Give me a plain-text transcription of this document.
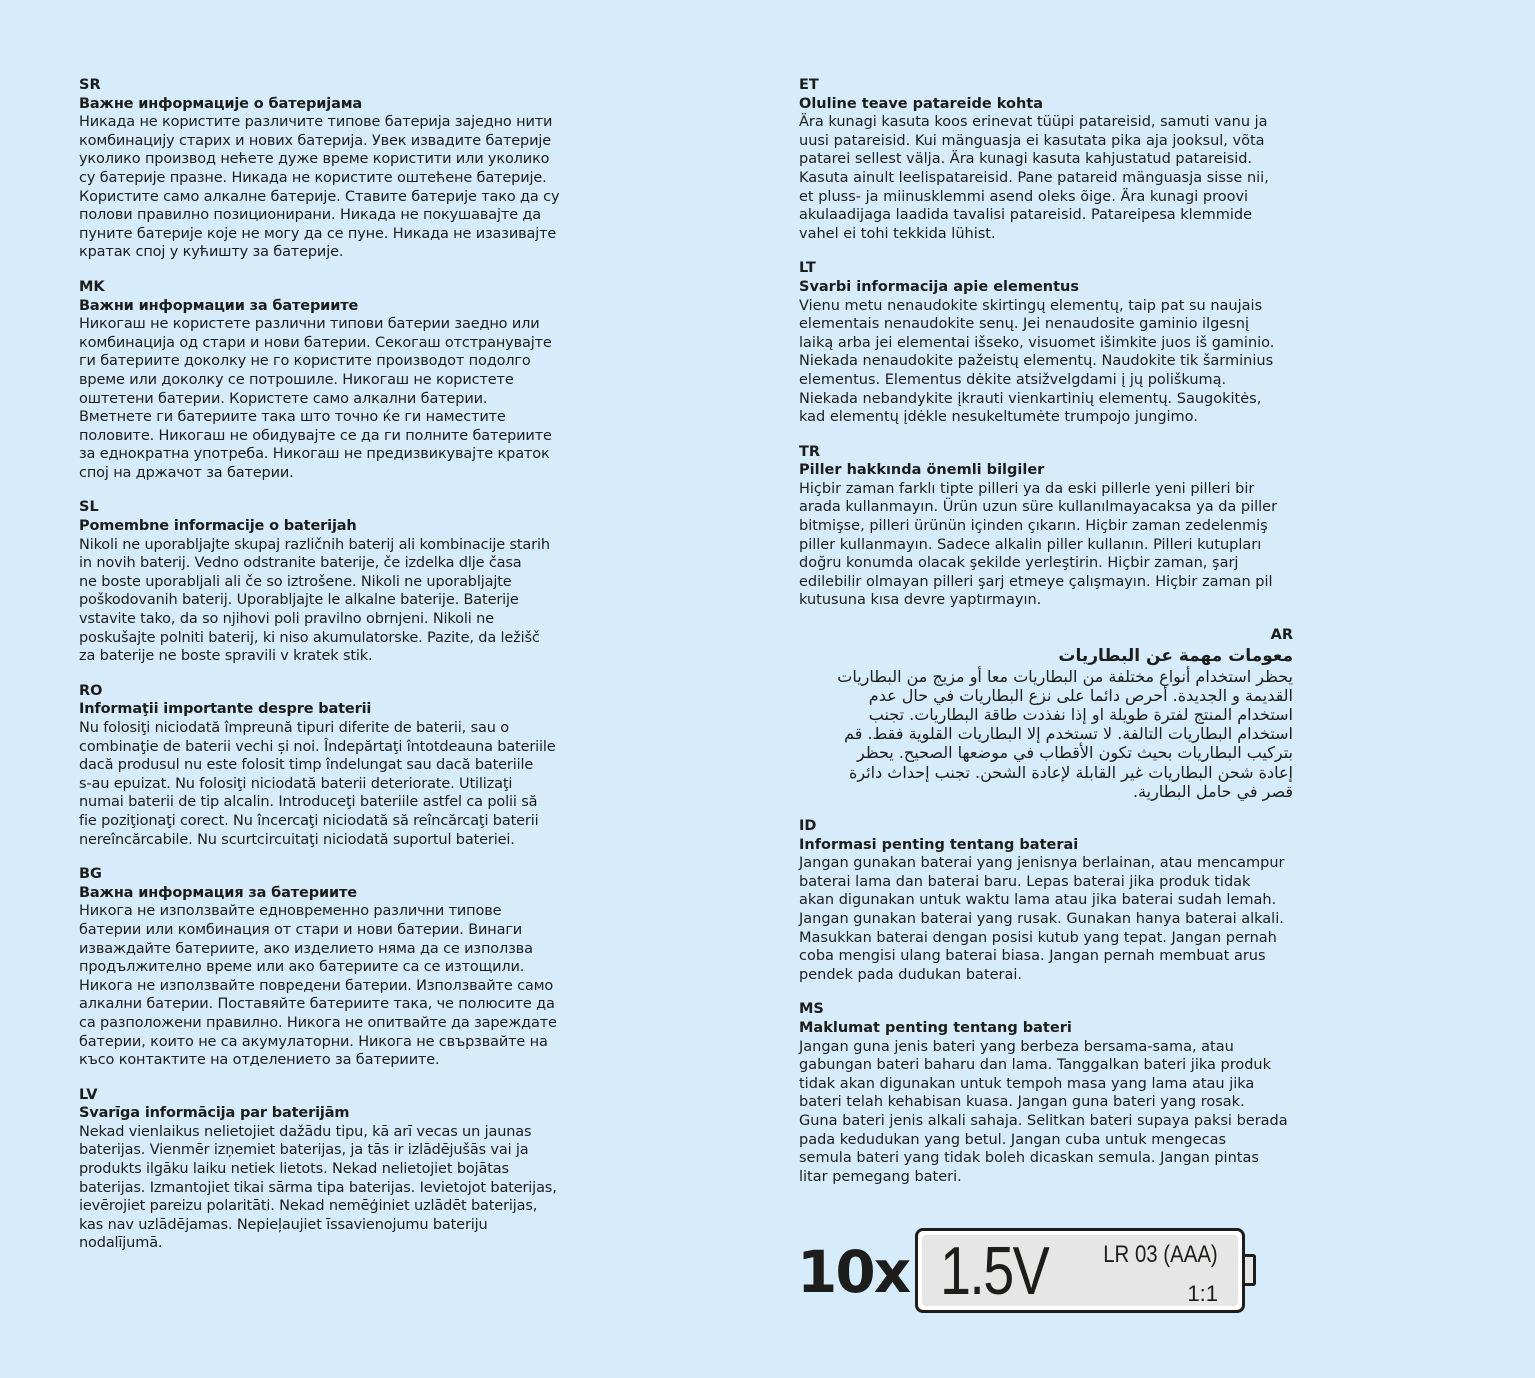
SR
Важне информације о батеријама
Никада не користите различите типове батерија заједно нити
комбинацију старих и нових батерија. Увек извадите батерије
уколико производ нећете дуже време користити или уколико
су батерије празне. Никада не користите оштећене батерије.
Користите само алкалне батерије. Ставите батерије тако да су
полови правилно позиционирани. Никада не покушавајте да
пуните батерије које не могу да се пуне. Никада не изазивајте
кратак спој у кућишту за батерије.
MK
Важни информации за батериите
Никогаш не користете различни типови батерии заедно или
комбинација од стари и нови батерии. Секогаш отстранувајте
ги батериите доколку не го користите производот подолго
време или доколку се потрошиле. Никогаш не користете
оштетени батерии. Користете само алкални батерии.
Вметнете ги батериите така што точно ќе ги наместите
половите. Никогаш не обидувајте се да ги полните батериите
за еднократна употреба. Никогаш не предизвикувајте краток
спој на држачот за батерии.
SL
Pomembne informacije o baterijah
Nikoli ne uporabljajte skupaj različnih baterij ali kombinacije starih
in novih baterij. Vedno odstranite baterije, če izdelka dlje časa
ne boste uporabljali ali če so iztrošene. Nikoli ne uporabljajte
poškodovanih baterij. Uporabljajte le alkalne baterije. Baterije
vstavite tako, da so njihovi poli pravilno obrnjeni. Nikoli ne
poskušajte polniti baterij, ki niso akumulatorske. Pazite, da ležišč
za baterije ne boste spravili v kratek stik.
RO
Informaţii importante despre baterii
Nu folosiţi niciodată împreună tipuri diferite de baterii, sau o
combinaţie de baterii vechi și noi. Îndepărtaţi întotdeauna bateriile
dacă produsul nu este folosit timp îndelungat sau dacă bateriile
s-au epuizat. Nu folosiţi niciodată baterii deteriorate. Utilizaţi
numai baterii de tip alcalin. Introduceţi bateriile astfel ca polii să
fie poziţionaţi corect. Nu încercaţi niciodată să reîncărcaţi baterii
nereîncărcabile. Nu scurtcircuitaţi niciodată suportul bateriei.
BG
Важна информация за батериите
Никога не използвайте едновременно различни типове
батерии или комбинация от стари и нови батерии. Винаги
изваждайте батериите, ако изделието няма да се използва
продължително време или ако батериите са се изтощили.
Никога не използвайте повредени батерии. Използвайте само
алкални батерии. Поставяйте батериите така, че полюсите да
са разположени правилно. Никога не опитвайте да зареждате
батерии, които не са акумулаторни. Никога не свързвайте на
късо контактите на отделението за батериите.
LV
Svarīga informācija par baterijām
Nekad vienlaikus nelietojiet dažādu tipu, kā arī vecas un jaunas
baterijas. Vienmēr izņemiet baterijas, ja tās ir izlādējušās vai ja
produkts ilgāku laiku netiek lietots. Nekad nelietojiet bojātas
baterijas. Izmantojiet tikai sārma tipa baterijas. Ievietojot baterijas,
ievērojiet pareizu polaritāti. Nekad nemēģiniet uzlādēt baterijas,
kas nav uzlādējamas. Nepieļaujiet īssavienojumu bateriju
nodalījumā.
ET
Oluline teave patareide kohta
Ära kunagi kasuta koos erinevat tüüpi patareisid, samuti vanu ja
uusi patareisid. Kui mänguasja ei kasutata pika aja jooksul, võta
patarei sellest välja. Ära kunagi kasuta kahjustatud patareisid.
Kasuta ainult leelispatareisid. Pane patareid mänguasja sisse nii,
et pluss- ja miinusklemmi asend oleks õige. Ära kunagi proovi
akulaadijaga laadida tavalisi patareisid. Patareipesa klemmide
vahel ei tohi tekkida lühist.
LT
Svarbi informacija apie elementus
Vienu metu nenaudokite skirtingų elementų, taip pat su naujais
elementais nenaudokite senų. Jei nenaudosite gaminio ilgesnį
laiką arba jei elementai išseko, visuomet išimkite juos iš gaminio.
Niekada nenaudokite pažeistų elementų. Naudokite tik šarminius
elementus. Elementus dėkite atsižvelgdami į jų poliškumą.
Niekada nebandykite įkrauti vienkartinių elementų. Saugokitės,
kad elementų įdėkle nesukeltumėte trumpojo jungimo.
TR
Piller hakkında önemli bilgiler
Hiçbir zaman farklı tipte pilleri ya da eski pillerle yeni pilleri bir
arada kullanmayın. Ürün uzun süre kullanılmayacaksa ya da piller
bitmişse, pilleri ürünün içinden çıkarın. Hiçbir zaman zedelenmiş
piller kullanmayın. Sadece alkalin piller kullanın. Pilleri kutupları
doğru konumda olacak şekilde yerleştirin. Hiçbir zaman, şarj
edilebilir olmayan pilleri şarj etmeye çalışmayın. Hiçbir zaman pil
kutusuna kısa devre yaptırmayın.
AR
معومات مهمة عن البطاريات
يحظر استخدام أنواع مختلفة من البطاريات معا أو مزيج من البطاريات
القديمة و الجديدة. أحرص دائما على نزع البطاريات في حال عدم
استخدام المنتج لفترة طويلة او إذا نفذدت طاقة البطاريات. تجنب
استخدام البطاريات التالفة. لا تستخدم إلا البطاريات القلوية فقط. قم
بتركيب البطاريات بحيث تكون الأقطاب في موضعها الصحيح. يحظر
إعادة شحن البطاريات غير القابلة لإعادة الشحن. تجنب إحداث دائرة
قصر في حامل البطارية.
ID
Informasi penting tentang baterai
Jangan gunakan baterai yang jenisnya berlainan, atau mencampur
baterai lama dan baterai baru. Lepas baterai jika produk tidak
akan digunakan untuk waktu lama atau jika baterai sudah lemah.
Jangan gunakan baterai yang rusak. Gunakan hanya baterai alkali.
Masukkan baterai dengan posisi kutub yang tepat. Jangan pernah
coba mengisi ulang baterai biasa. Jangan pernah membuat arus
pendek pada dudukan baterai.
MS
Maklumat penting tentang bateri
Jangan guna jenis bateri yang berbeza bersama-sama, atau
gabungan bateri baharu dan lama. Tanggalkan bateri jika produk
tidak akan digunakan untuk tempoh masa yang lama atau jika
bateri telah kehabisan kuasa. Jangan guna bateri yang rosak.
Guna bateri jenis alkali sahaja. Selitkan bateri supaya paksi berada
pada kedudukan yang betul. Jangan cuba untuk mengecas
semula bateri yang tidak boleh dicaskan semula. Jangan pintas
litar pemegang bateri.
10x 1.5V LR 03 (AAA)
1:1
